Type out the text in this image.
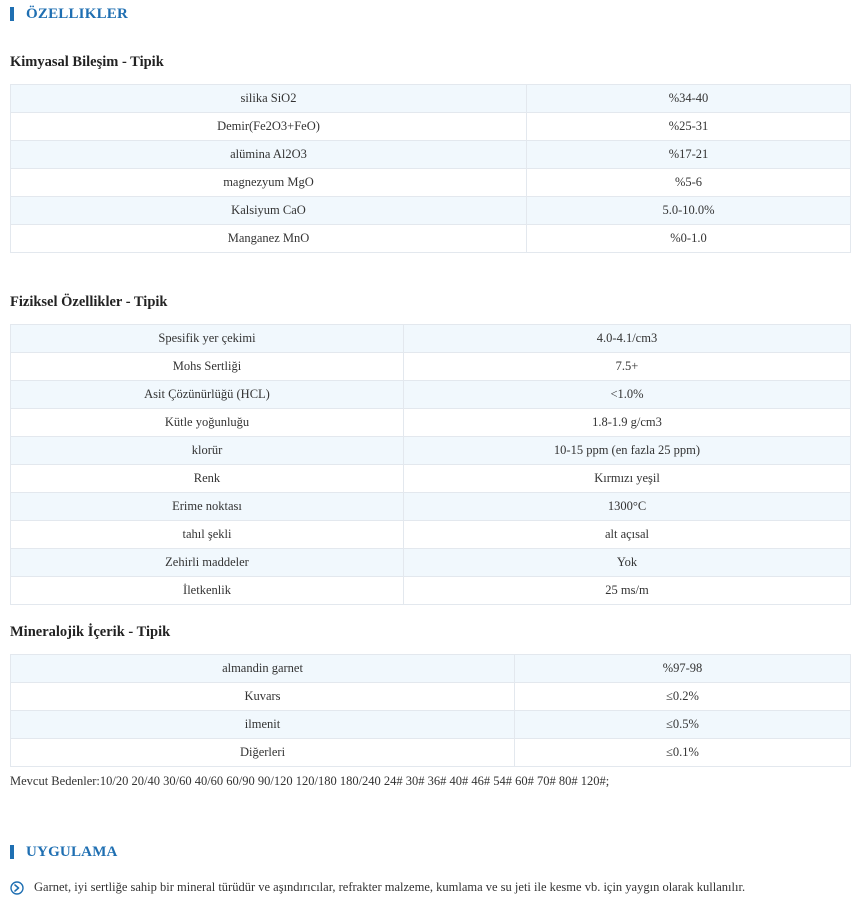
ÖZELLIKLER
Kimyasal Bileşim - Tipik
silika SiO2	%34-40
Demir(Fe2O3+FeO)	%25-31
alümina Al2O3	%17-21
magnezyum MgO	%5-6
Kalsiyum CaO	5.0-10.0%
Manganez MnO	%0-1.0
Fiziksel Özellikler - Tipik
Spesifik yer çekimi	4.0-4.1/cm3
Mohs Sertliği	7.5+
Asit Çözünürlüğü (HCL)	<1.0%
Kütle yoğunluğu	1.8-1.9 g/cm3
klorür	10-15 ppm (en fazla 25 ppm)
Renk	Kırmızı yeşil
Erime noktası	1300°C
tahıl şekli	alt açısal
Zehirli maddeler	Yok
İletkenlik	25 ms/m
Mineralojik İçerik - Tipik
almandin garnet	%97-98
Kuvars	≤0.2%
ilmenit	≤0.5%
Diğerleri	≤0.1%
Mevcut Bedenler:10/20 20/40 30/60 40/60 60/90 90/120 120/180 180/240 24# 30# 36# 40# 46# 54# 60# 70# 80# 120#;
UYGULAMA
Garnet, iyi sertliğe sahip bir mineral türüdür ve aşındırıcılar, refrakter malzeme, kumlama ve su jeti ile kesme vb. için yaygın olarak kullanılır.
